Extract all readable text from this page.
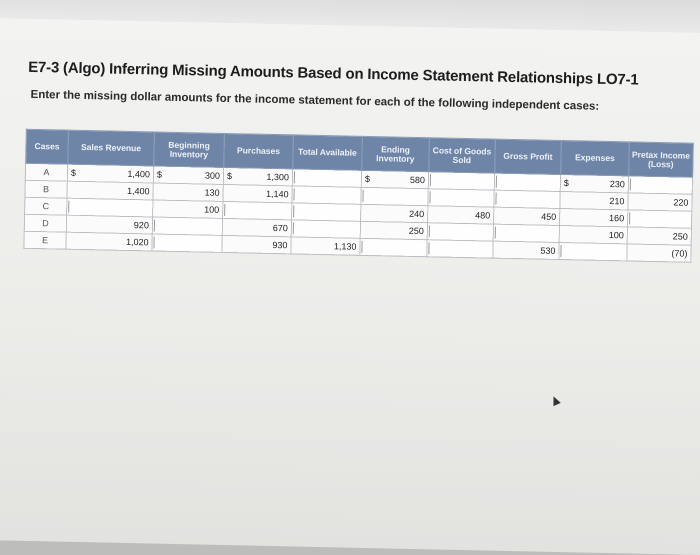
E7-3 (Algo) Inferring Missing Amounts Based on Income Statement Relationships LO7-1
Enter the missing dollar amounts for the income statement for each of the following independent cases:
Cases	Sales Revenue	Beginning Inventory	Purchases	Total Available	Ending Inventory	Cost of Goods Sold	Gross Profit	Expenses	Pretax Income (Loss)
A	$ 1,400	$ 300	$ 1,300		$ 580			$ 230	
B	1,400	130	1,140					210	220
C		100			240	480	450	160	
D	920		670		250			100	250
E	1,020		930	1,130			530		(70)
